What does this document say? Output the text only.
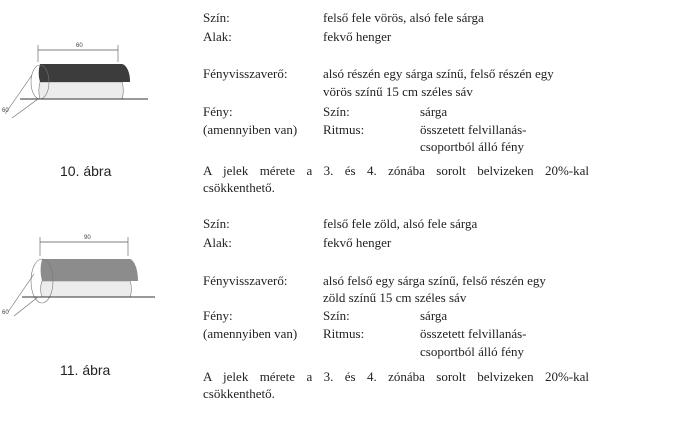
60
60
10. ábra
Szín:	felső fele vörös, alsó fele sárga
Alak:	fekvő henger
Fényvisszaverő:	alsó részén egy sárga színű, felső részén egy
vörös színű 15 cm széles sáv
Fény:
(amennyiben van)
Szín:	sárga
Ritmus:	összetett felvillanás-
csoportból álló fény
A jelek mérete a 3. és 4. zónába sorolt belvizeken 20%-kal
csökkenthető.
90
60
11. ábra
Szín:	felső fele zöld, alsó fele sárga
Alak:	fekvő henger
Fényvisszaverő:	alsó felső egy sárga színű, felső részén egy
zöld színű 15 cm széles sáv
Fény:
(amennyiben van)
Szín:	sárga
Ritmus:	összetett felvillanás-
csoportból álló fény
A jelek mérete a 3. és 4. zónába sorolt belvizeken 20%-kal
csökkenthető.
